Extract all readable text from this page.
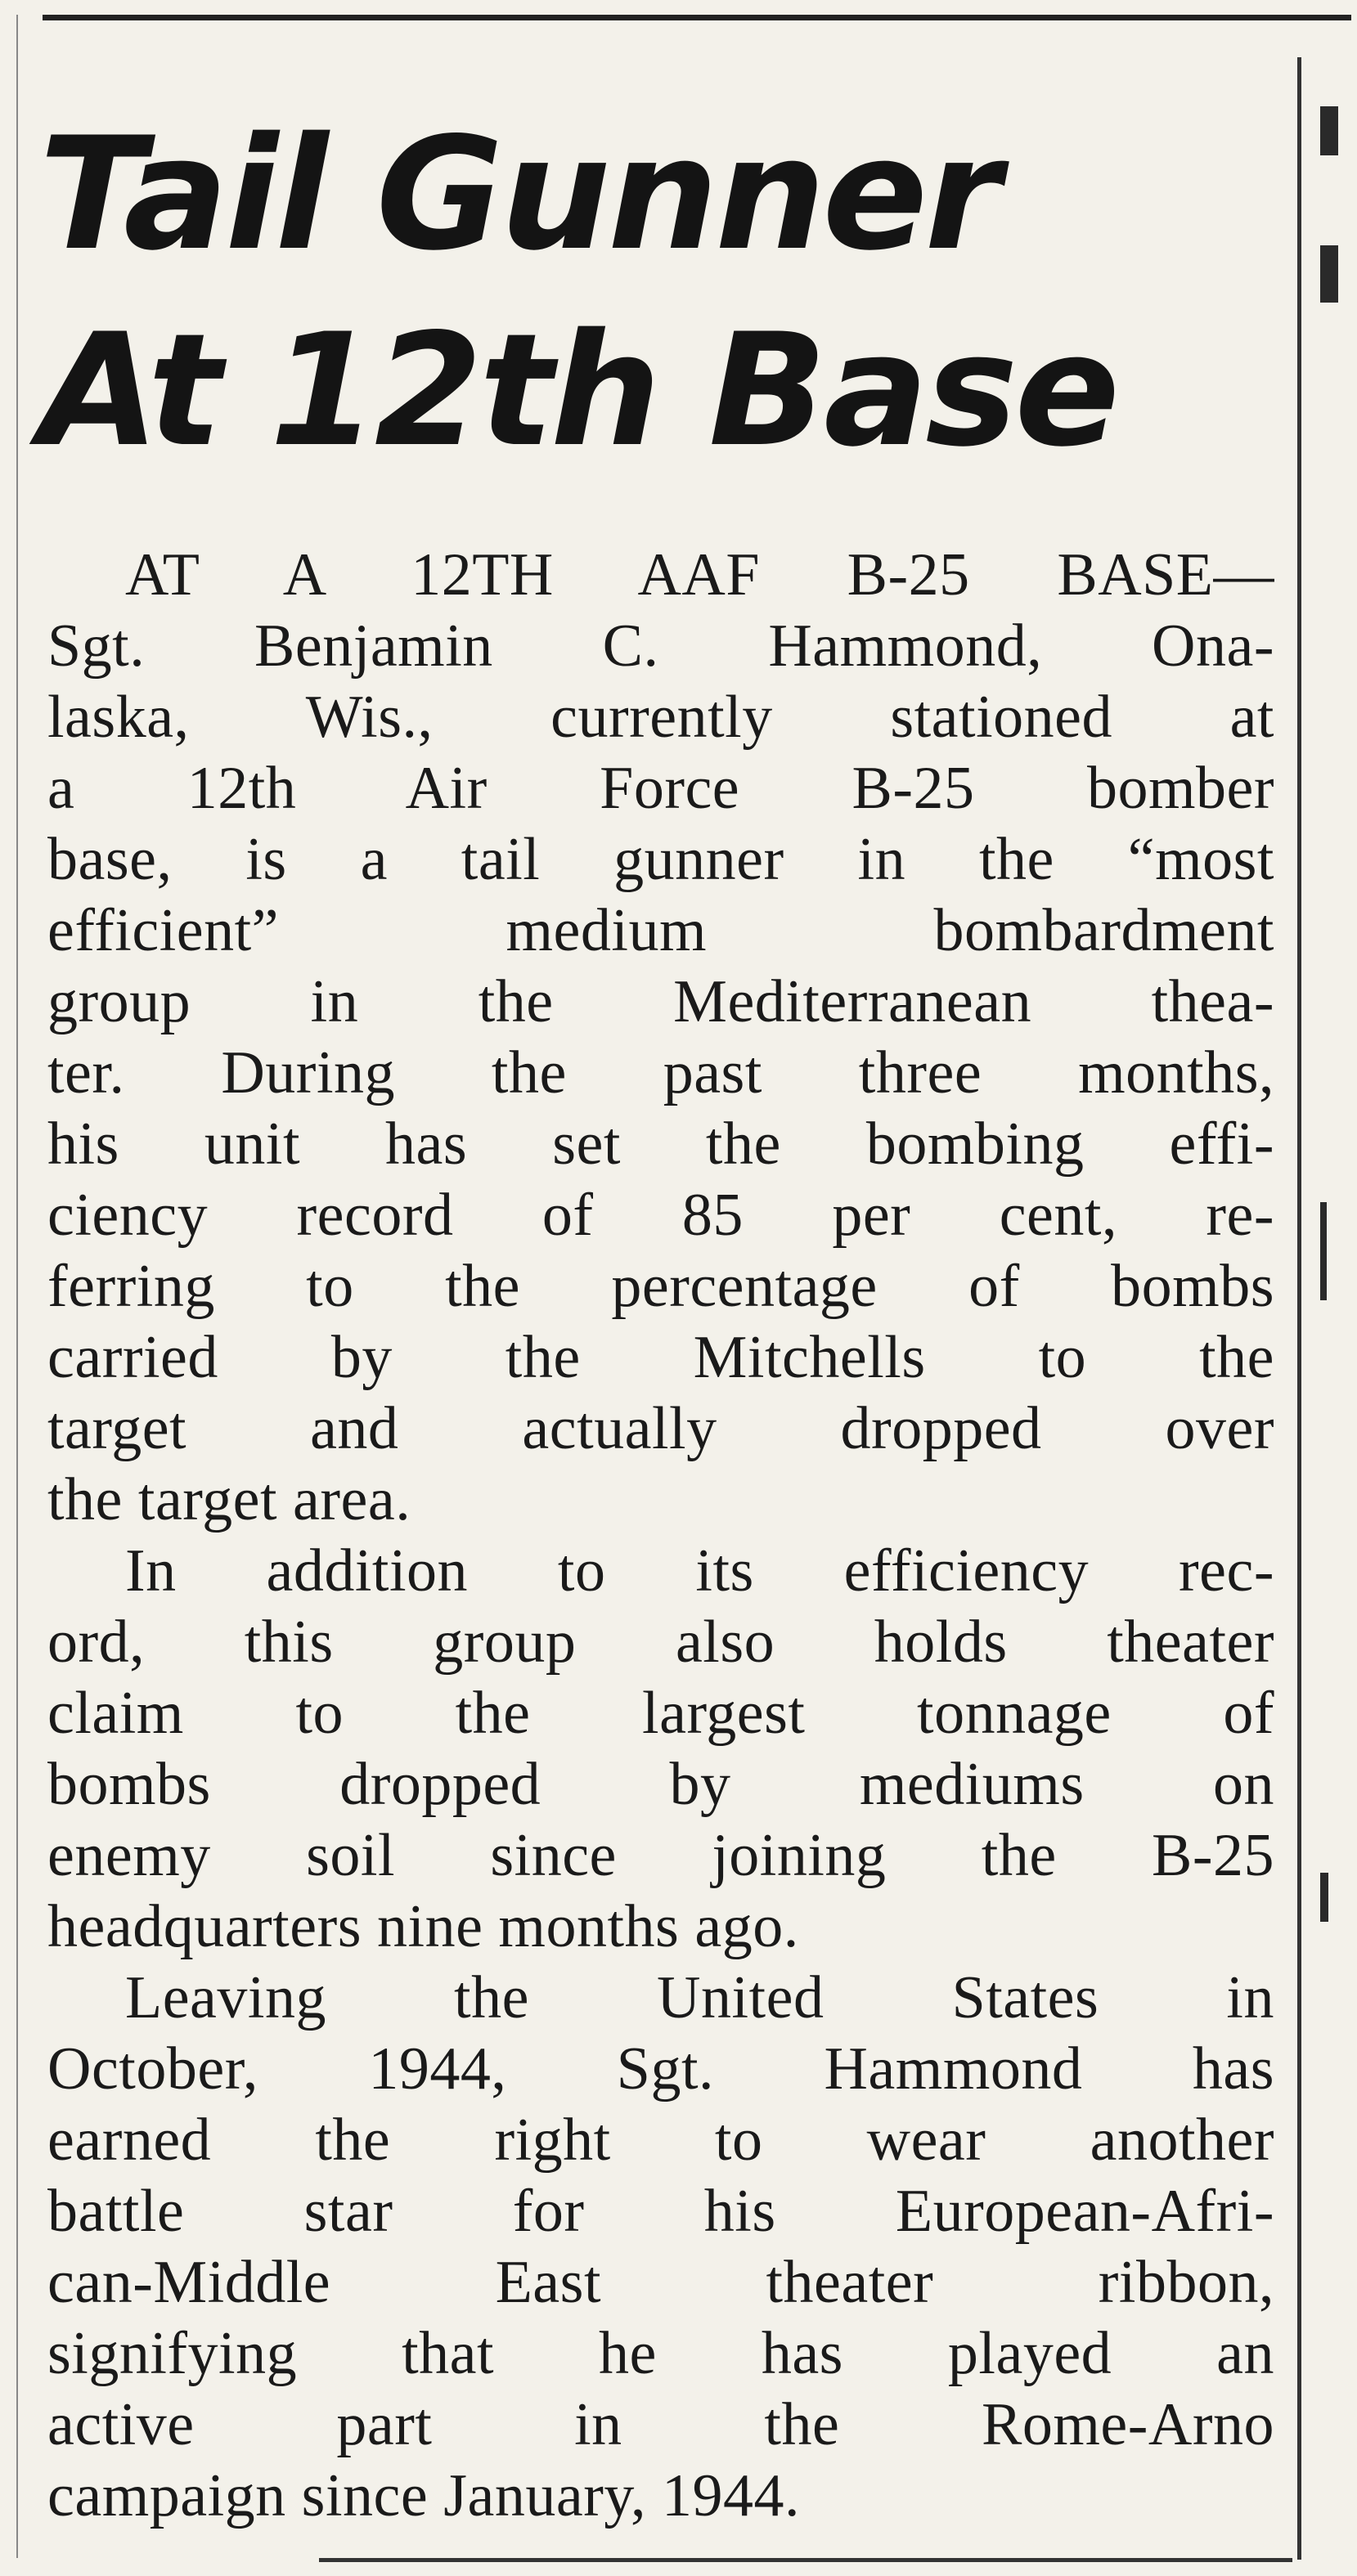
Tail Gunner
At 12th Base
AT A 12TH AAF B-25 BASE—
Sgt. Benjamin C. Hammond, Ona-
laska, Wis., currently stationed at
a 12th Air Force B-25 bomber
base, is a tail gunner in the “most
efficient” medium bombardment
group in the Mediterranean thea-
ter. During the past three months,
his unit has set the bombing effi-
ciency record of 85 per cent, re-
ferring to the percentage of bombs
carried by the Mitchells to the
target and actually dropped over
the target area.
In addition to its efficiency rec-
ord, this group also holds theater
claim to the largest tonnage of
bombs dropped by mediums on
enemy soil since joining the B-25
headquarters nine months ago.
Leaving the United States in
October, 1944, Sgt. Hammond has
earned the right to wear another
battle star for his European-Afri-
can-Middle East theater ribbon,
signifying that he has played an
active part in the Rome-Arno
campaign since January, 1944.
